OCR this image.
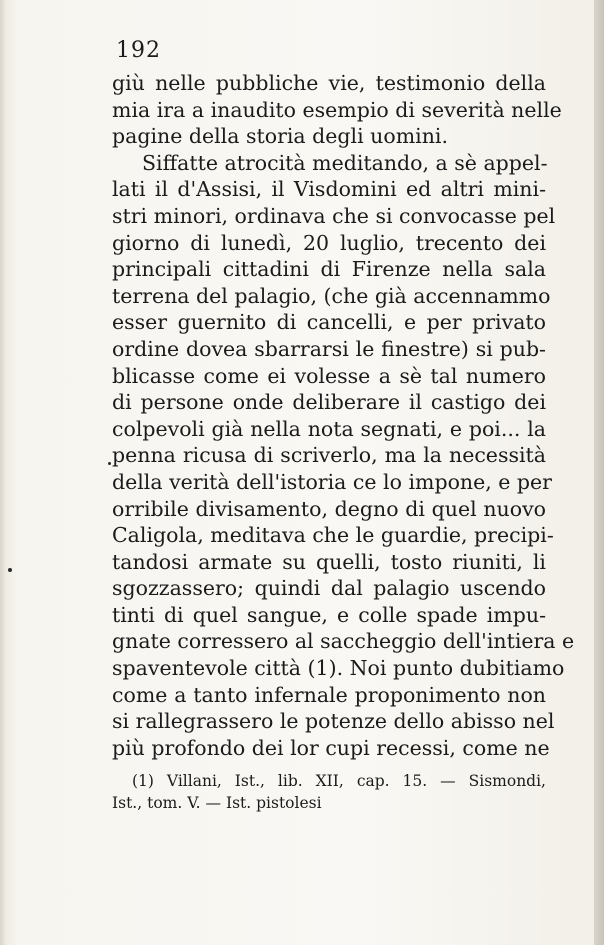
192
giù nelle pubbliche vie, testimonio della
mia ira a inaudito esempio di severità nelle
pagine della storia degli uomini.
Siffatte atrocità meditando, a sè appel-
lati il d'Assisi, il Visdomini ed altri mini-
stri minori, ordinava che si convocasse pel
giorno di lunedì, 20 luglio, trecento dei
principali cittadini di Firenze nella sala
terrena del palagio, (che già accennammo
esser guernito di cancelli, e per privato
ordine dovea sbarrarsi le finestre) si pub-
blicasse come ei volesse a sè tal numero
di persone onde deliberare il castigo dei
colpevoli già nella nota segnati, e poi... la
penna ricusa di scriverlo, ma la necessità
della verità dell'istoria ce lo impone, e per
orribile divisamento, degno di quel nuovo
Caligola, meditava che le guardie, precipi-
tandosi armate su quelli, tosto riuniti, li
sgozzassero; quindi dal palagio uscendo
tinti di quel sangue, e colle spade impu-
gnate corressero al saccheggio dell'intiera e
spaventevole città (1). Noi punto dubitiamo
come a tanto infernale proponimento non
si rallegrassero le potenze dello abisso nel
più profondo dei lor cupi recessi, come ne
(1) Villani, Ist., lib. XII, cap. 15. — Sismondi,
Ist., tom. V. — Ist. pistolesi
